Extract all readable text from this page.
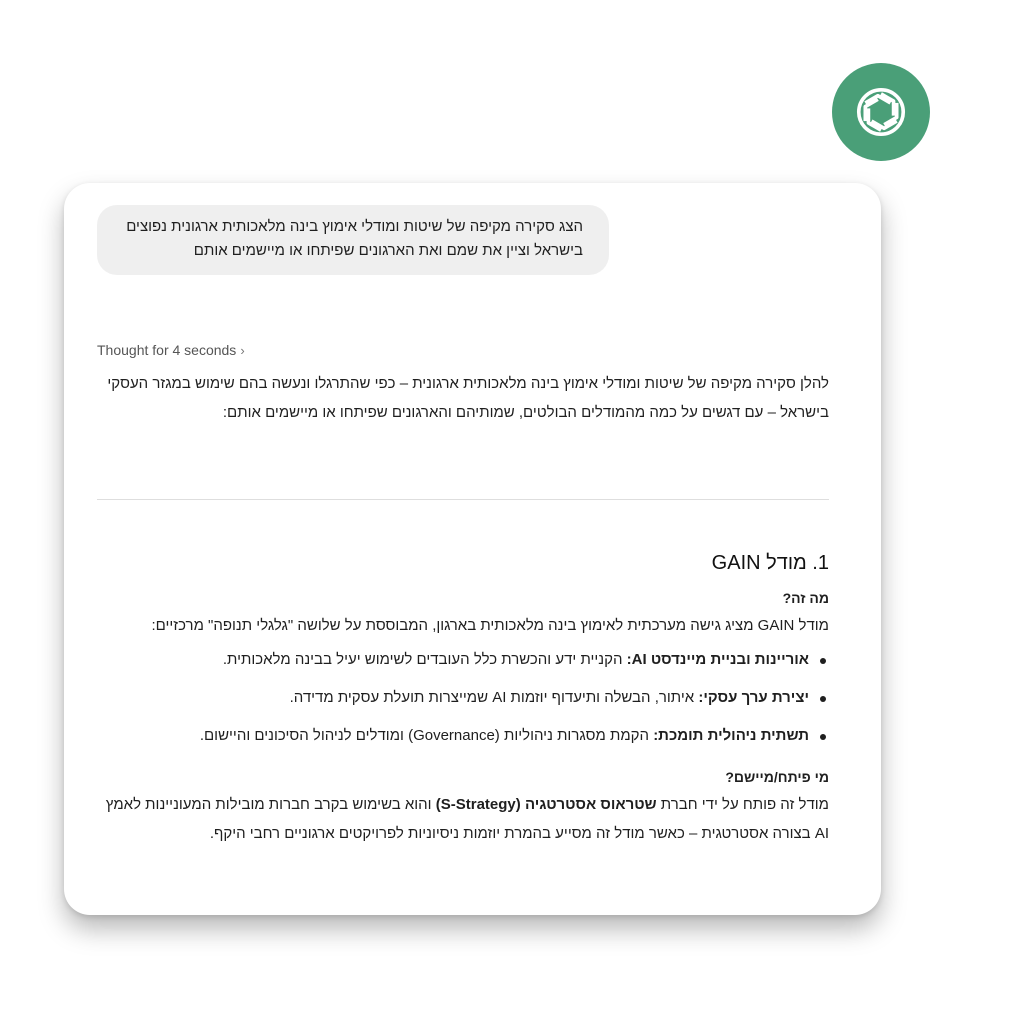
הצג סקירה מקיפה של שיטות ומודלי אימוץ בינה מלאכותית ארגונית נפוצים בישראל וציין את שמם ואת הארגונים שפיתחו או מיישמים אותם
Thought for 4 seconds ›
להלן סקירה מקיפה של שיטות ומודלי אימוץ בינה מלאכותית ארגונית – כפי שהתרגלו ונעשה בהם שימוש במגזר העסקי בישראל – עם דגשים על כמה מהמודלים הבולטים, שמותיהם והארגונים שפיתחו או מיישמים אותם:
1. מודל GAIN
מה זה?
מודל GAIN מציג גישה מערכתית לאימוץ בינה מלאכותית בארגון, המבוססת על שלושה "גלגלי תנופה" מרכזיים:
אוריינות ובניית מיינדסט AI: הקניית ידע והכשרת כלל העובדים לשימוש יעיל בבינה מלאכותית.
יצירת ערך עסקי: איתור, הבשלה ותיעדוף יוזמות AI שמייצרות תועלת עסקית מדידה.
תשתית ניהולית תומכת: הקמת מסגרות ניהוליות (Governance) ומודלים לניהול הסיכונים והיישום.
מי פיתח/מיישם?
מודל זה פותח על ידי חברת שטראוס אסטרטגיה (S-Strategy) והוא בשימוש בקרב חברות מובילות המעוניינות לאמץ AI בצורה אסטרטגית – כאשר מודל זה מסייע בהמרת יוזמות ניסיוניות לפרויקטים ארגוניים רחבי היקף.
